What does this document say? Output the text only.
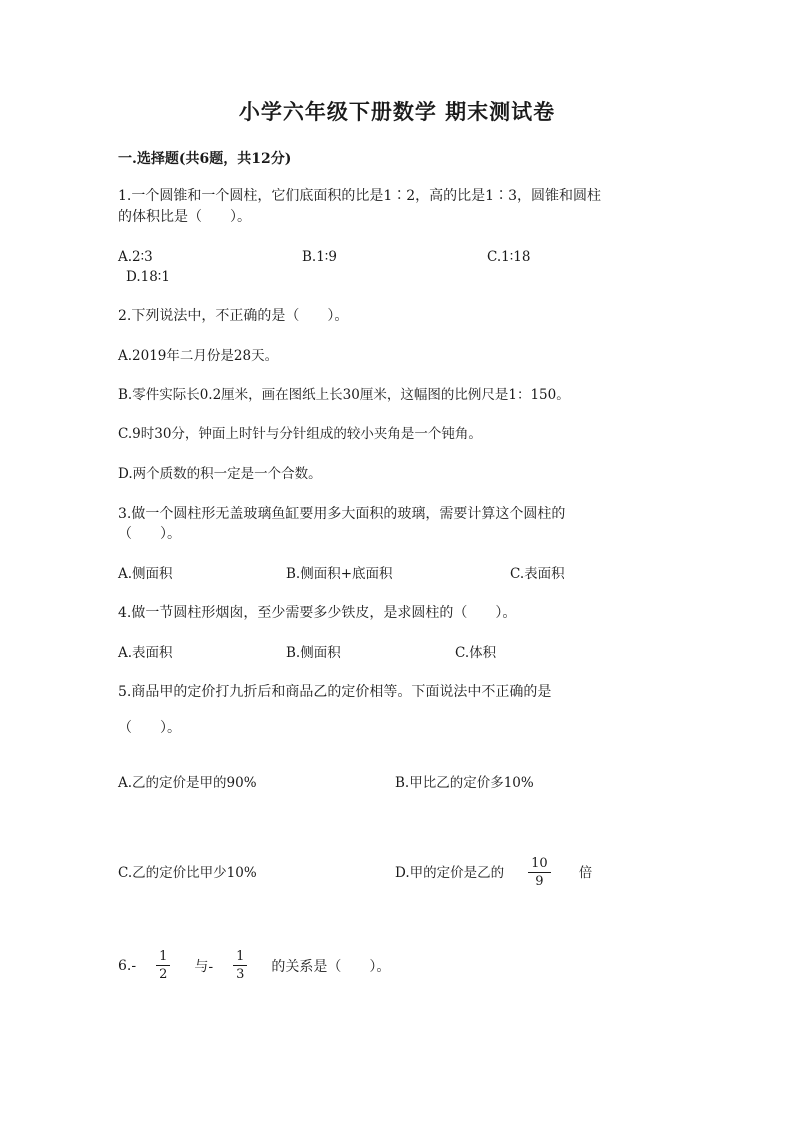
小学六年级下册数学 期末测试卷
一.选择题(共6题，共12分)
1.一个圆锥和一个圆柱，它们底面积的比是1∶2，高的比是1∶3，圆锥和圆柱
的体积比是（　　）。
A.2∶3	B.1∶9	C.1∶18
D.18∶1
2.下列说法中，不正确的是（　　）。
A.2019年二月份是28天。
B.零件实际长0.2厘米，画在图纸上长30厘米，这幅图的比例尺是1：150。
C.9时30分，钟面上时针与分针组成的较小夹角是一个钝角。
D.两个质数的积一定是一个合数。
3.做一个圆柱形无盖玻璃鱼缸要用多大面积的玻璃，需要计算这个圆柱的
（　　）。
A.侧面积	B.侧面积+底面积	C.表面积
4.做一节圆柱形烟囱，至少需要多少铁皮，是求圆柱的（　　）。
A.表面积	B.侧面积	C.体积
5.商品甲的定价打九折后和商品乙的定价相等。下面说法中不正确的是
（　　）。
A.乙的定价是甲的90%	B.甲比乙的定价多10%
C.乙的定价比甲少10%	D.甲的定价是乙的 $\frac{10}{9}$ 倍
$6.- \frac{1}{2}$ 与- $\frac{1}{3}$ 的关系是（　　）。
